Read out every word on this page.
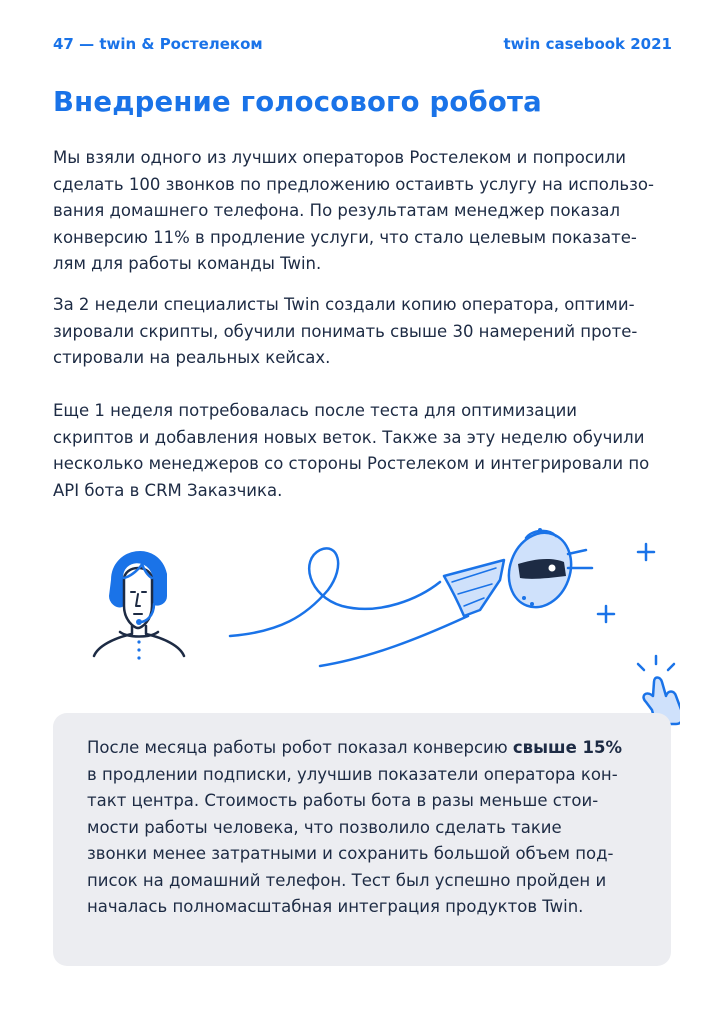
47 — twin & Ростелеком	twin casebook 2021
Внедрение голосового робота

Мы взяли одного из лучших операторов Ростелеком и попросили
сделать 100 звонков по предложению остаивть услугу на использо-
вания домашнего телефона. По результатам менеджер показал
конверсию 11% в продление услуги, что стало целевым показате-
лям для работы команды Twin.

За 2 недели специалисты Twin создали копию оператора, оптими-
зировали скрипты, обучили понимать свыше 30 намерений протe-
стировали на реальных кейсах.

Еще 1 неделя потребовалась после теста для оптимизации
скриптов и добавления новых веток. Также за эту неделю обучили
несколько менеджеров со стороны Ростелеком и интегрировали по
API бота в CRM Заказчика.

После месяца работы робот показал конверсию свыше 15%
в продлении подписки, улучшив показатели оператора кон-
такт центра. Стоимость работы бота в разы меньше стои-
мости работы человека, что позволило сделать такие
звонки менее затратными и сохранить большой объем под-
писок на домашний телефон. Тест был успешно пройден и
началась полномасштабная интеграция продуктов Twin.
